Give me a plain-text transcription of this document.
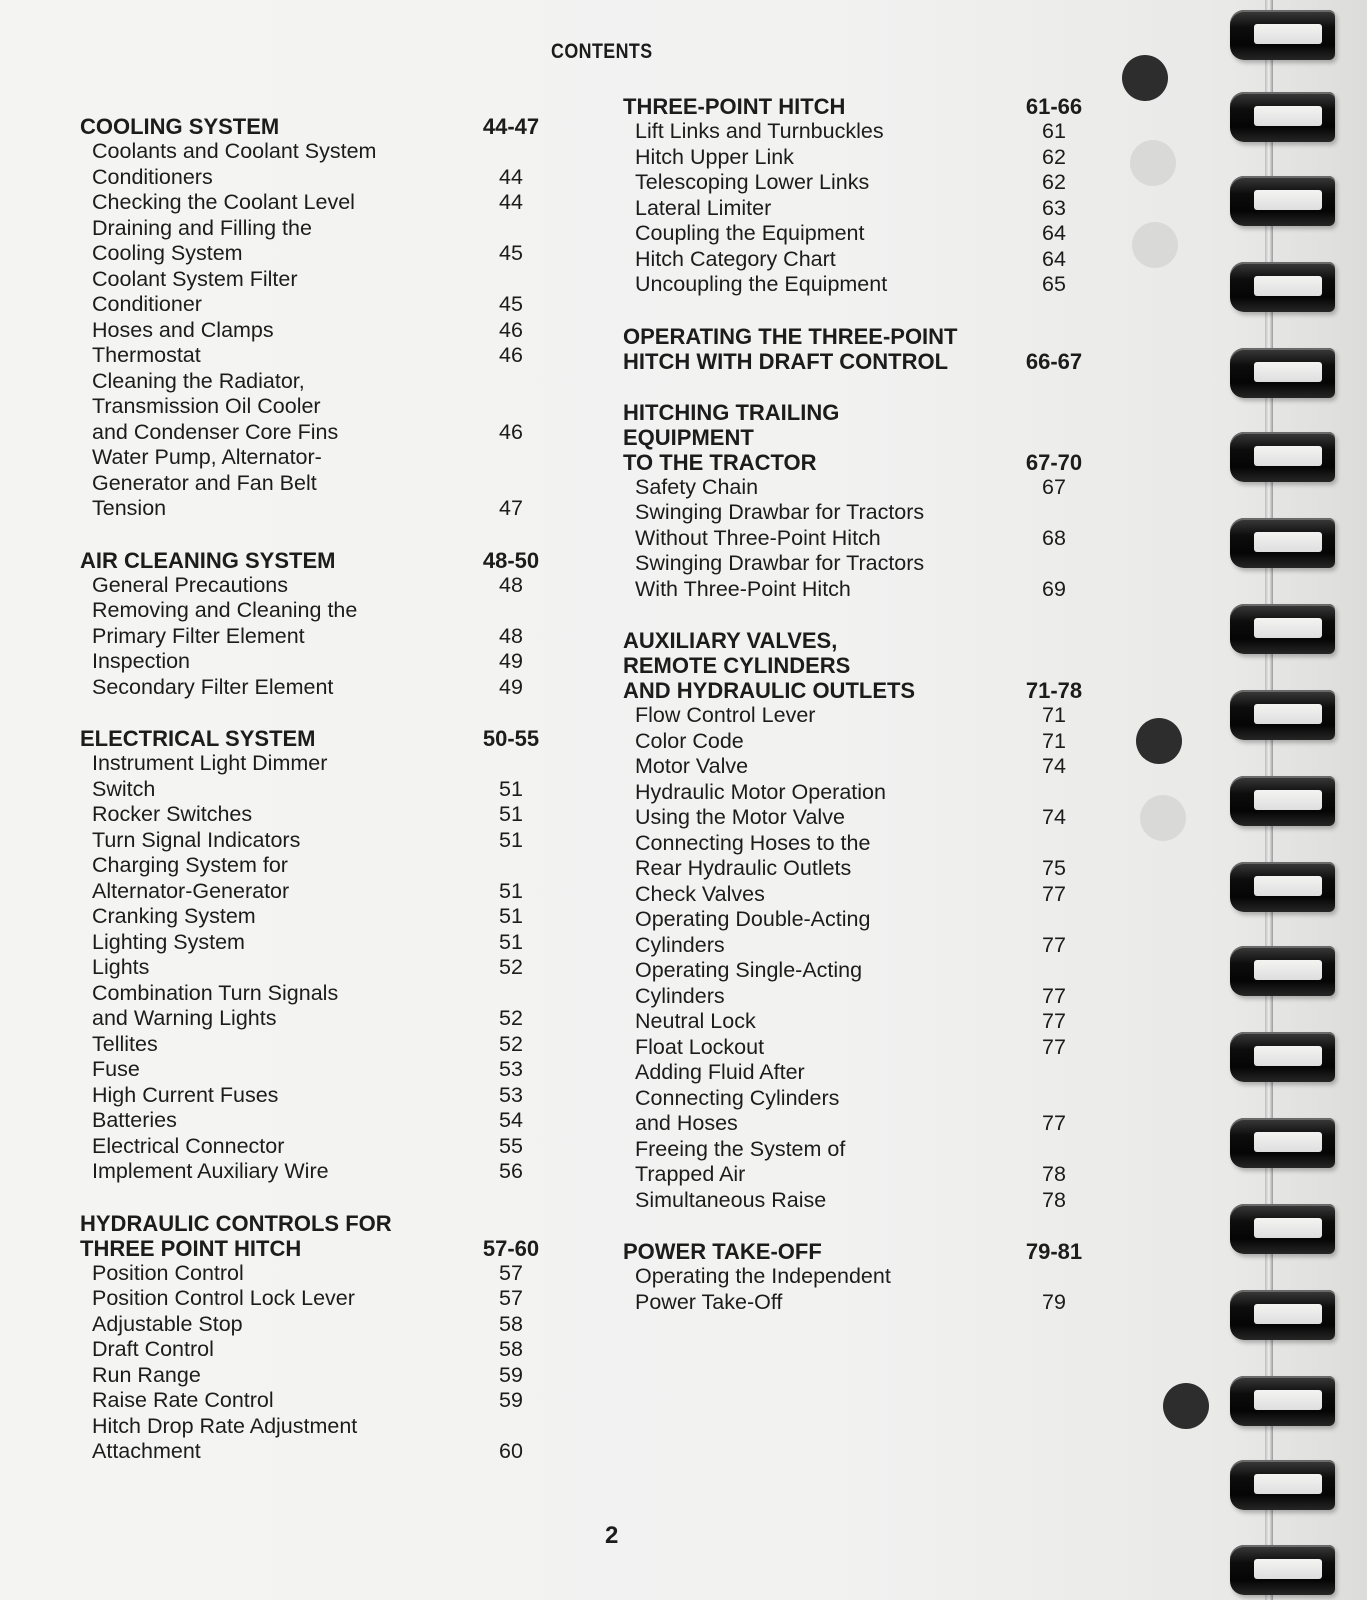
CONTENTS
COOLING SYSTEM	44-47
Coolants and Coolant System
Conditioners	44
Checking the Coolant Level	44
Draining and Filling the
Cooling System	45
Coolant System Filter
Conditioner	45
Hoses and Clamps	46
Thermostat	46
Cleaning the Radiator,
Transmission Oil Cooler
and Condenser Core Fins	46
Water Pump, Alternator-
Generator and Fan Belt
Tension	47
AIR CLEANING SYSTEM	48-50
General Precautions	48
Removing and Cleaning the
Primary Filter Element	48
Inspection	49
Secondary Filter Element	49
ELECTRICAL SYSTEM	50-55
Instrument Light Dimmer
Switch	51
Rocker Switches	51
Turn Signal Indicators	51
Charging System for
Alternator-Generator	51
Cranking System	51
Lighting System	51
Lights	52
Combination Turn Signals
and Warning Lights	52
Tellites	52
Fuse	53
High Current Fuses	53
Batteries	54
Electrical Connector	55
Implement Auxiliary Wire	56
HYDRAULIC CONTROLS FOR
THREE POINT HITCH	57-60
Position Control	57
Position Control Lock Lever	57
Adjustable Stop	58
Draft Control	58
Run Range	59
Raise Rate Control	59
Hitch Drop Rate Adjustment
Attachment	60
THREE-POINT HITCH	61-66
Lift Links and Turnbuckles	61
Hitch Upper Link	62
Telescoping Lower Links	62
Lateral Limiter	63
Coupling the Equipment	64
Hitch Category Chart	64
Uncoupling the Equipment	65
OPERATING THE THREE-POINT
HITCH WITH DRAFT CONTROL	66-67
HITCHING TRAILING
EQUIPMENT
TO THE TRACTOR	67-70
Safety Chain	67
Swinging Drawbar for Tractors
Without Three-Point Hitch	68
Swinging Drawbar for Tractors
With Three-Point Hitch	69
AUXILIARY VALVES,
REMOTE CYLINDERS
AND HYDRAULIC OUTLETS	71-78
Flow Control Lever	71
Color Code	71
Motor Valve	74
Hydraulic Motor Operation
Using the Motor Valve	74
Connecting Hoses to the
Rear Hydraulic Outlets	75
Check Valves	77
Operating Double-Acting
Cylinders	77
Operating Single-Acting
Cylinders	77
Neutral Lock	77
Float Lockout	77
Adding Fluid After
Connecting Cylinders
and Hoses	77
Freeing the System of
Trapped Air	78
Simultaneous Raise	78
POWER TAKE-OFF	79-81
Operating the Independent
Power Take-Off	79
2
